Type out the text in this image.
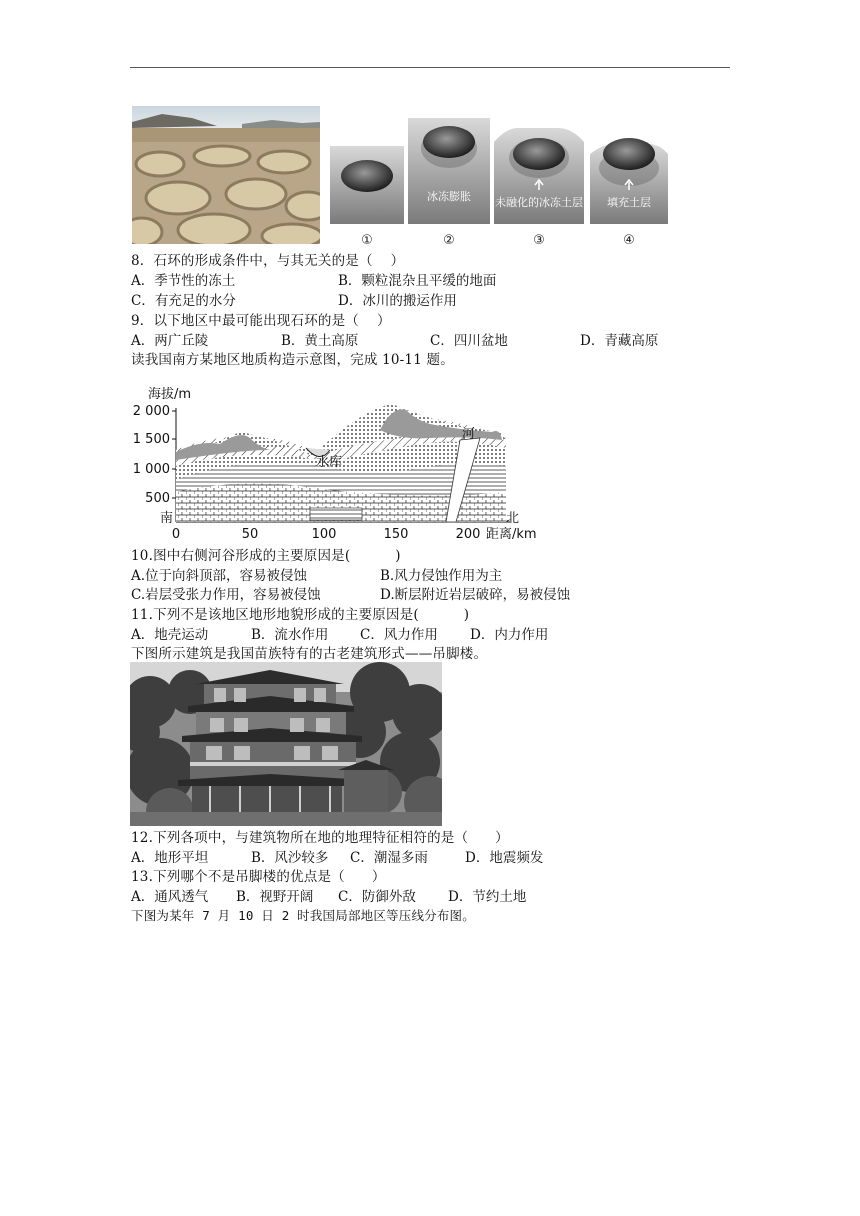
冰冻膨胀 未融化的冰冻土层 填充土层
①	②	③	④
8．石环的形成条件中，与其无关的是（    ）
A．季节性的冻土	B．颗粒混杂且平缓的地面
C．有充足的水分	D．冰川的搬运作用
9．以下地区中最可能出现石环的是（    ）
A．两广丘陵	B．黄土高原	C．四川盆地	D．青藏高原
读我国南方某地区地质构造示意图，完成 10-11 题。
海拔/m
2 000
1 500
1 000
500
南	北
水库
河
0	50	100	150	200 距离/km
10.图中右侧河谷形成的主要原因是(          )
A.位于向斜顶部，容易被侵蚀	B.风力侵蚀作用为主
C.岩层受张力作用，容易被侵蚀	D.断层附近岩层破碎，易被侵蚀
11.下列不是该地区地形地貌形成的主要原因是(          )
A．地壳运动	B．流水作用 C．风力作用 D．内力作用
下图所示建筑是我国苗族特有的古老建筑形式——吊脚楼。
12.下列各项中，与建筑物所在地的地理特征相符的是（      ）
A．地形平坦	B．风沙较多 C．潮湿多雨	D．地震频发
13.下列哪个不是吊脚楼的优点是（      ）
A．通风透气 B．视野开阔 C．防御外敌 D．节约土地
下图为某年 7 月 10 日 2 时我国局部地区等压线分布图。
